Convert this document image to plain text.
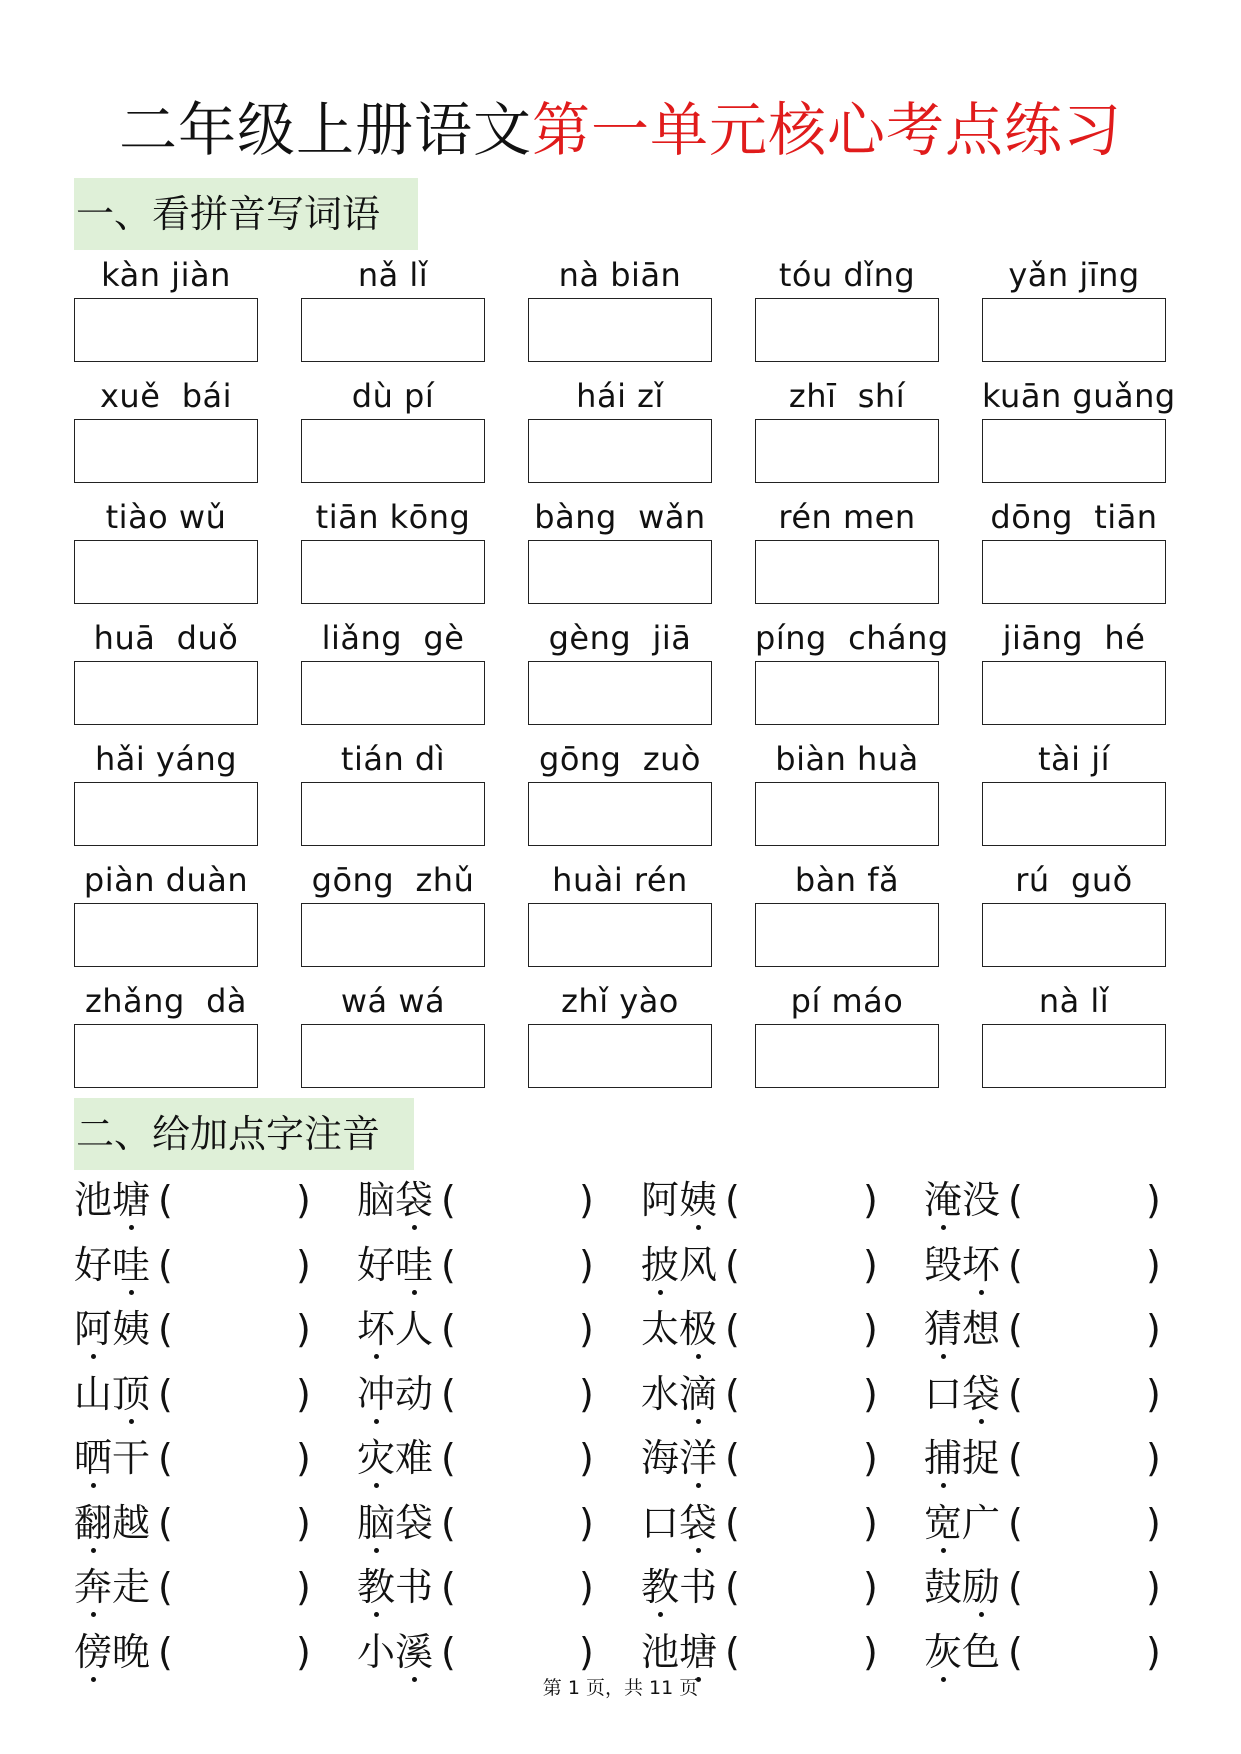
二年级上册语文第一单元核心考点练习
一、看拼音写词语
kàn jiàn	nǎ lǐ	nà biān	tóu dǐng	yǎn jīng
xuě  bái	dù pí	hái zǐ	zhī  shí	kuān guǎng
tiào wǔ	tiān kōng	bàng  wǎn	rén men	dōng  tiān
huā  duǒ	liǎng  gè	gèng  jiā	píng  cháng	jiāng  hé
hǎi yáng	tián dì	gōng  zuò	biàn huà	tài jí
piàn duàn	gōng  zhǔ	huài rén	bàn fǎ	rú  guǒ
zhǎng  dà	wá wá	zhǐ yào	pí máo	nà lǐ
二、给加点字注音
池塘 (	) 脑袋 (	) 阿姨 (	) 淹没 (	)
好哇 (	) 好哇 (	) 披风 (	) 毁坏 (	)
阿姨 (	) 坏人 (	) 太极 (	) 猜想 (	)
山顶 (	) 冲动 (	) 水滴 (	) 口袋 (	)
晒干 (	) 灾难 (	) 海洋 (	) 捕捉 (	)
翻越 (	) 脑袋 (	) 口袋 (	) 宽广 (	)
奔走 (	) 教书 (	) 教书 (	) 鼓励 (	)
傍晚 (	) 小溪 (	) 池塘 (	) 灰色 (	)
第 1 页，共 11 页
